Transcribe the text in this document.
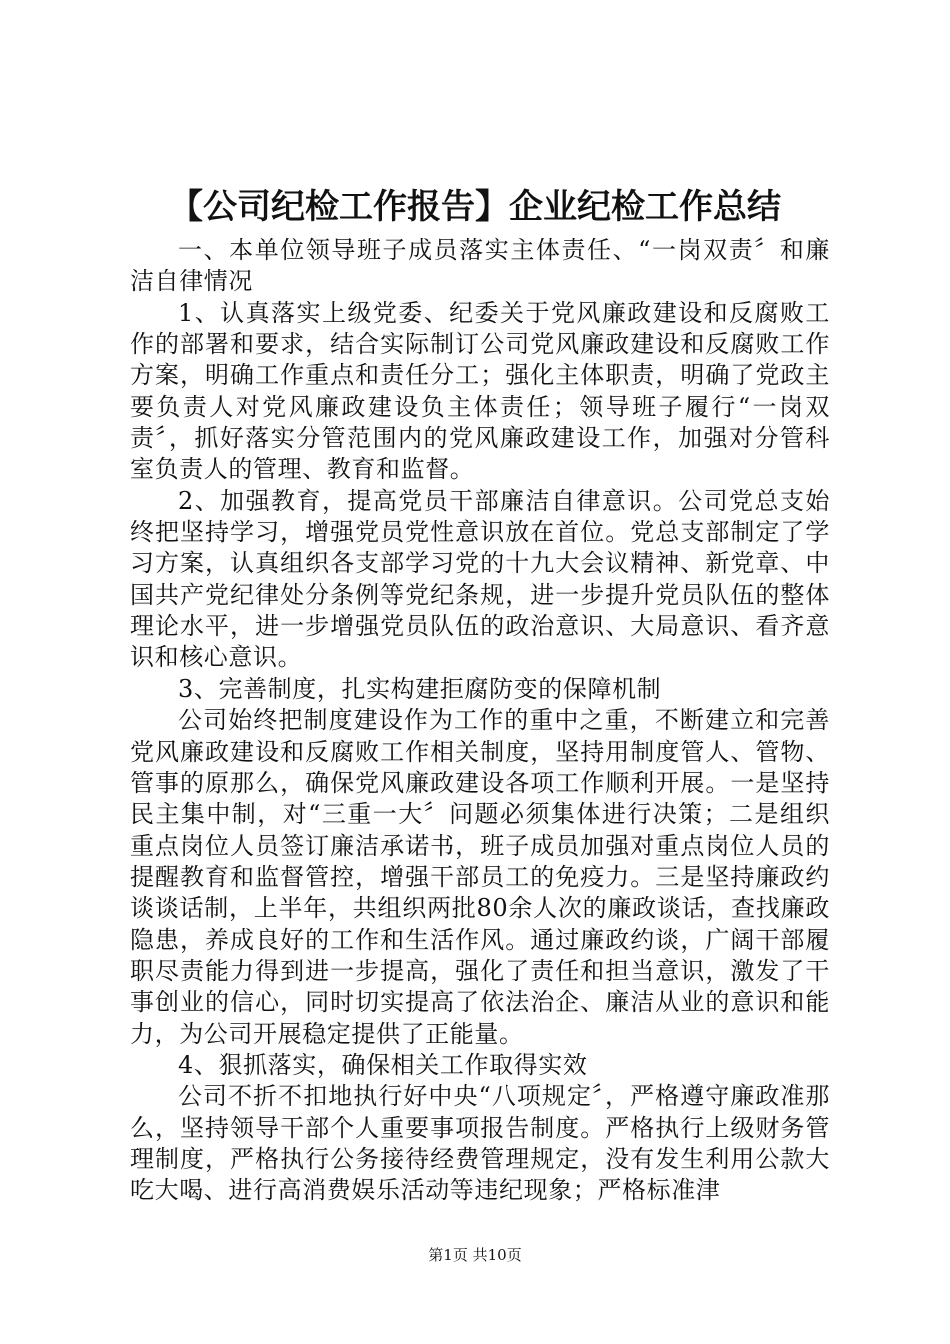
【公司纪检工作报告】企业纪检工作总结

一、本单位领导班子成员落实主体责任、“一岗双责〞和廉洁自律情况

1、认真落实上级党委、纪委关于党风廉政建设和反腐败工作的部署和要求，结合实际制订公司党风廉政建设和反腐败工作方案，明确工作重点和责任分工；强化主体职责，明确了党政主要负责人对党风廉政建设负主体责任；领导班子履行“一岗双责〞，抓好落实分管范围内的党风廉政建设工作，加强对分管科室负责人的管理、教育和监督。

2、加强教育，提高党员干部廉洁自律意识。公司党总支始终把坚持学习，增强党员党性意识放在首位。党总支部制定了学习方案，认真组织各支部学习党的十九大会议精神、新党章、中国共产党纪律处分条例等党纪条规，进一步提升党员队伍的整体理论水平，进一步增强党员队伍的政治意识、大局意识、看齐意识和核心意识。

3、完善制度，扎实构建拒腐防变的保障机制

公司始终把制度建设作为工作的重中之重，不断建立和完善党风廉政建设和反腐败工作相关制度，坚持用制度管人、管物、管事的原那么，确保党风廉政建设各项工作顺利开展。一是坚持民主集中制，对“三重一大〞问题必须集体进行决策；二是组织重点岗位人员签订廉洁承诺书，班子成员加强对重点岗位人员的提醒教育和监督管控，增强干部员工的免疫力。三是坚持廉政约谈谈话制，上半年，共组织两批80余人次的廉政谈话，查找廉政隐患，养成良好的工作和生活作风。通过廉政约谈，广阔干部履职尽责能力得到进一步提高，强化了责任和担当意识，激发了干事创业的信心，同时切实提高了依法治企、廉洁从业的意识和能力，为公司开展稳定提供了正能量。

4、狠抓落实，确保相关工作取得实效

公司不折不扣地执行好中央“八项规定〞，严格遵守廉政准那么，坚持领导干部个人重要事项报告制度。严格执行上级财务管理制度，严格执行公务接待经费管理规定，没有发生利用公款大吃大喝、进行高消费娱乐活动等违纪现象；严格标准津

第1页 共10页
